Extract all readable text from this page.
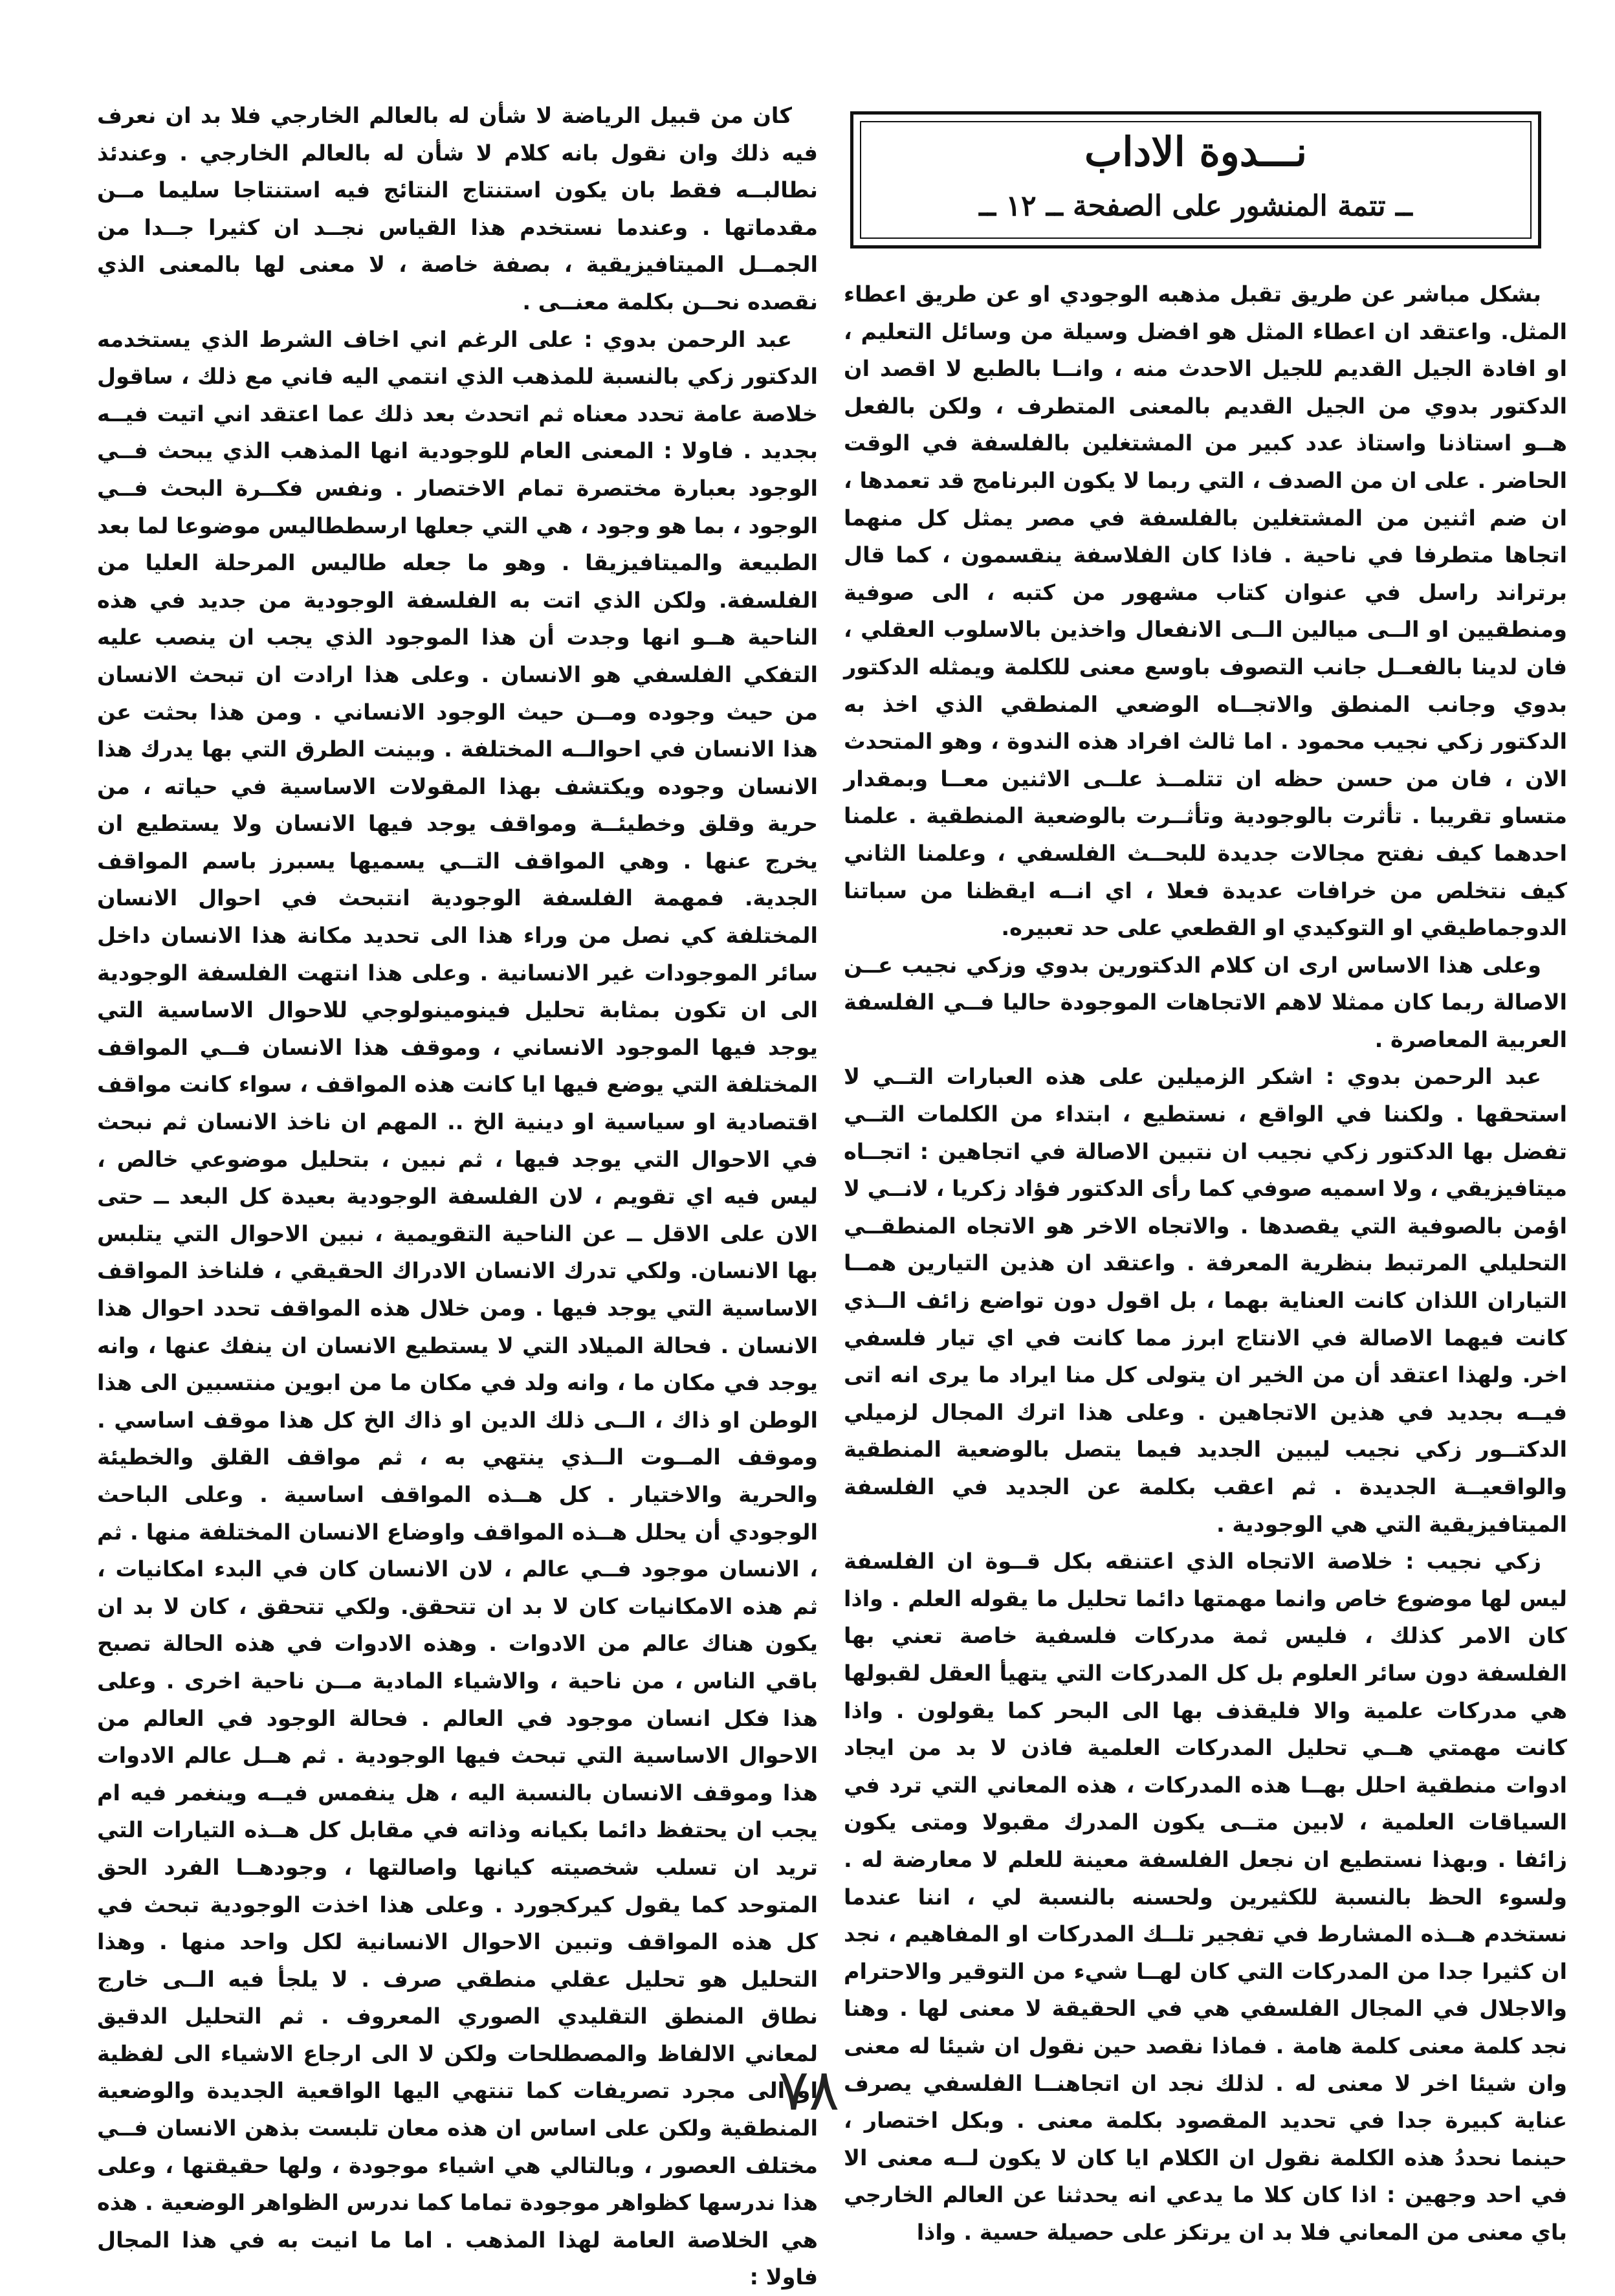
نـــدوة الاداب
ــ تتمة المنشور على الصفحة ــ ١٢ ــ

بشكل مباشر عن طريق تقبل مذهبه الوجودي او عن طريق اعطاء المثل. واعتقد ان اعطاء المثل هو افضل وسيلة من وسائل التعليم ، او افادة الجيل القديم للجيل الاحدث منه ، وانــا بالطبع لا اقصد ان الدكتور بدوي من الجيل القديم بالمعنى المتطرف ، ولكن بالفعل هــو استاذنا واستاذ عدد كبير من المشتغلين بالفلسفة في الوقت الحاضر . على ان من الصدف ، التي ربما لا يكون البرنامج قد تعمدها ، ان ضم اثنين من المشتغلين بالفلسفة في مصر يمثل كل منهما اتجاها متطرفا في ناحية . فاذا كان الفلاسفة ينقسمون ، كما قال برتراند راسل في عنوان كتاب مشهور من كتبه ، الى صوفية ومنطقيين او الــى ميالين الــى الانفعال واخذين بالاسلوب العقلي ، فان لدينا بالفعــل جانب التصوف باوسع معنى للكلمة ويمثله الدكتور بدوي وجانب المنطق والاتجــاه الوضعي المنطقي الذي اخذ به الدكتور زكي نجيب محمود . اما ثالث افراد هذه الندوة ، وهو المتحدث الان ، فان من حسن حظه ان تتلمــذ علــى الاثنين معــا وبمقدار متساو تقريبا . تأثرت بالوجودية وتأثــرت بالوضعية المنطقية . علمنا احدهما كيف نفتح مجالات جديدة للبحــث الفلسفي ، وعلمنا الثاني كيف نتخلص من خرافات عديدة فعلا ، اي انــه ايقظنا من سباتنا الدوجماطيقي او التوكيدي او القطعي على حد تعبيره.

وعلى هذا الاساس ارى ان كلام الدكتورين بدوي وزكي نجيب عــن الاصالة ربما كان ممثلا لاهم الاتجاهات الموجودة حاليا فــي الفلسفة العربية المعاصرة .

عبد الرحمن بدوي : اشكر الزميلين على هذه العبارات التــي لا استحقها . ولكننا في الواقع ، نستطيع ، ابتداء من الكلمات التــي تفضل بها الدكتور زكي نجيب ان نتبين الاصالة في اتجاهين : اتجــاه ميتافيزيقي ، ولا اسميه صوفي كما رأى الدكتور فؤاد زكريا ، لانــي لا اؤمن بالصوفية التي يقصدها . والاتجاه الاخر هو الاتجاه المنطقــي التحليلي المرتبط بنظرية المعرفة . واعتقد ان هذين التيارين همــا التياران اللذان كانت العناية بهما ، بل اقول دون تواضع زائف الــذي كانت فيهما الاصالة في الانتاج ابرز مما كانت في اي تيار فلسفي اخر. ولهذا اعتقد أن من الخير ان يتولى كل منا ايراد ما يرى انه اتى فيــه بجديد في هذين الاتجاهين . وعلى هذا اترك المجال لزميلي الدكتــور زكي نجيب ليبين الجديد فيما يتصل بالوضعية المنطقية والواقعيــة الجديدة . ثم اعقب بكلمة عن الجديد في الفلسفة الميتافيزيقية التي هي الوجودية .

زكي نجيب : خلاصة الاتجاه الذي اعتنقه بكل قــوة ان الفلسفة ليس لها موضوع خاص وانما مهمتها دائما تحليل ما يقوله العلم . واذا كان الامر كذلك ، فليس ثمة مدركات فلسفية خاصة تعني بها الفلسفة دون سائر العلوم بل كل المدركات التي يتهيأ العقل لقبولها هي مدركات علمية والا فليقذف بها الى البحر كما يقولون . واذا كانت مهمتي هــي تحليل المدركات العلمية فاذن لا بد من ايجاد ادوات منطقية احلل بهــا هذه المدركات ، هذه المعاني التي ترد في السياقات العلمية ، لابين متــى يكون المدرك مقبولا ومتى يكون زائفا . وبهذا نستطيع ان نجعل الفلسفة معينة للعلم لا معارضة له . ولسوء الحظ بالنسبة للكثيرين ولحسنه بالنسبة لي ، اننا عندما نستخدم هــذه المشارط في تفجير تلــك المدركات او المفاهيم ، نجد ان كثيرا جدا من المدركات التي كان لهــا شيء من التوقير والاحترام والاجلال في المجال الفلسفي هي في الحقيقة لا معنى لها . وهنا نجد كلمة معنى كلمة هامة . فماذا نقصد حين نقول ان شيئا له معنى وان شيئا اخر لا معنى له . لذلك نجد ان اتجاهنــا الفلسفي يصرف عناية كبيرة جدا في تحديد المقصود بكلمة معنى . وبكل اختصار ، حينما نحددُ هذه الكلمة نقول ان الكلام ايا كان لا يكون لــه معنى الا في احد وجهين : اذا كان كلا ما يدعي انه يحدثنا عن العالم الخارجي باي معنى من المعاني فلا بد ان يرتكز على حصيلة حسية . واذا

كان من قبيل الرياضة لا شأن له بالعالم الخارجي فلا بد ان نعرف فيه ذلك وان نقول بانه كلام لا شأن له بالعالم الخارجي . وعندئذ نطالبــه فقط بان يكون استنتاج النتائج فيه استنتاجا سليما مــن مقدماتها . وعندما نستخدم هذا القياس نجــد ان كثيرا جــدا من الجمــل الميتافيزيقية ، بصفة خاصة ، لا معنى لها بالمعنى الذي نقصده نحــن بكلمة معنــى .

عبد الرحمن بدوي : على الرغم اني اخاف الشرط الذي يستخدمه الدكتور زكي بالنسبة للمذهب الذي انتمي اليه فاني مع ذلك ، ساقول خلاصة عامة تحدد معناه ثم اتحدث بعد ذلك عما اعتقد اني اتيت فيــه بجديد . فاولا : المعنى العام للوجودية انها المذهب الذي يبحث فــي الوجود بعبارة مختصرة تمام الاختصار . ونفس فكــرة البحث فــي الوجود ، بما هو وجود ، هي التي جعلها ارسططاليس موضوعا لما بعد الطبيعة والميتافيزيقا . وهو ما جعله طاليس المرحلة العليا من الفلسفة. ولكن الذي اتت به الفلسفة الوجودية من جديد في هذه الناحية هــو انها وجدت أن هذا الموجود الذي يجب ان ينصب عليه التفكي الفلسفي هو الانسان . وعلى هذا ارادت ان تبحث الانسان من حيث وجوده ومــن حيث الوجود الانساني . ومن هذا بحثت عن هذا الانسان في احوالــه المختلفة . وبينت الطرق التي بها يدرك هذا الانسان وجوده ويكتشف بهذا المقولات الاساسية في حياته ، من حرية وقلق وخطيئــة ومواقف يوجد فيها الانسان ولا يستطيع ان يخرج عنها . وهي المواقف التــي يسميها يسبرز باسم المواقف الجدية. فمهمة الفلسفة الوجودية انتبحث في احوال الانسان المختلفة كي نصل من وراء هذا الى تحديد مكانة هذا الانسان داخل سائر الموجودات غير الانسانية . وعلى هذا انتهت الفلسفة الوجودية الى ان تكون بمثابة تحليل فينومينولوجي للاحوال الاساسية التي يوجد فيها الموجود الانساني ، وموقف هذا الانسان فــي المواقف المختلفة التي يوضع فيها ايا كانت هذه المواقف ، سواء كانت مواقف اقتصادية او سياسية او دينية الخ .. المهم ان ناخذ الانسان ثم نبحث في الاحوال التي يوجد فيها ، ثم نبين ، بتحليل موضوعي خالص ، ليس فيه اي تقويم ، لان الفلسفة الوجودية بعيدة كل البعد ــ حتى الان على الاقل ــ عن الناحية التقويمية ، نبين الاحوال التي يتلبس بها الانسان. ولكي تدرك الانسان الادراك الحقيقي ، فلناخذ المواقف الاساسية التي يوجد فيها . ومن خلال هذه المواقف تحدد احوال هذا الانسان . فحالة الميلاد التي لا يستطيع الانسان ان ينفك عنها ، وانه يوجد في مكان ما ، وانه ولد في مكان ما من ابوين منتسبين الى هذا الوطن او ذاك ، الــى ذلك الدين او ذاك الخ كل هذا موقف اساسي . وموقف المــوت الــذي ينتهي به ، ثم مواقف القلق والخطيئة والحرية والاختيار . كل هــذه المواقف اساسية . وعلى الباحث الوجودي أن يحلل هــذه المواقف واوضاع الانسان المختلفة منها . ثم ، الانسان موجود فــي عالم ، لان الانسان كان في البدء امكانيات ، ثم هذه الامكانيات كان لا بد ان تتحقق. ولكي تتحقق ، كان لا بد ان يكون هناك عالم من الادوات . وهذه الادوات في هذه الحالة تصبح باقي الناس ، من ناحية ، والاشياء المادية مــن ناحية اخرى . وعلى هذا فكل انسان موجود في العالم . فحالة الوجود في العالم من الاحوال الاساسية التي تبحث فيها الوجودية . ثم هــل عالم الادوات هذا وموقف الانسان بالنسبة اليه ، هل ينفمس فيــه وينغمر فيه ام يجب ان يحتفظ دائما بكيانه وذاته في مقابل كل هــذه التيارات التي تريد ان تسلب شخصيته كيانها واصالتها ، وجودهــا الفرد الحق المتوحد كما يقول كيركجورد . وعلى هذا اخذت الوجودية تبحث في كل هذه المواقف وتبين الاحوال الانسانية لكل واحد منها . وهذا التحليل هو تحليل عقلي منطقي صرف . لا يلجأ فيه الــى خارج نطاق المنطق التقليدي الصوري المعروف . ثم التحليل الدقيق لمعاني الالفاظ والمصطلحات ولكن لا الى ارجاع الاشياء الى لفظية او الى مجرد تصريفات كما تنتهي اليها الواقعية الجديدة والوضعية المنطقية ولكن على اساس ان هذه معان تلبست بذهن الانسان فــي مختلف العصور ، وبالتالي هي اشياء موجودة ، ولها حقيقتها ، وعلى هذا ندرسها كظواهر موجودة تماما كما ندرس الظواهر الوضعية . هذه هي الخلاصة العامة لهذا المذهب . اما ما انيت به في هذا المجال فاولا :

٧٨
